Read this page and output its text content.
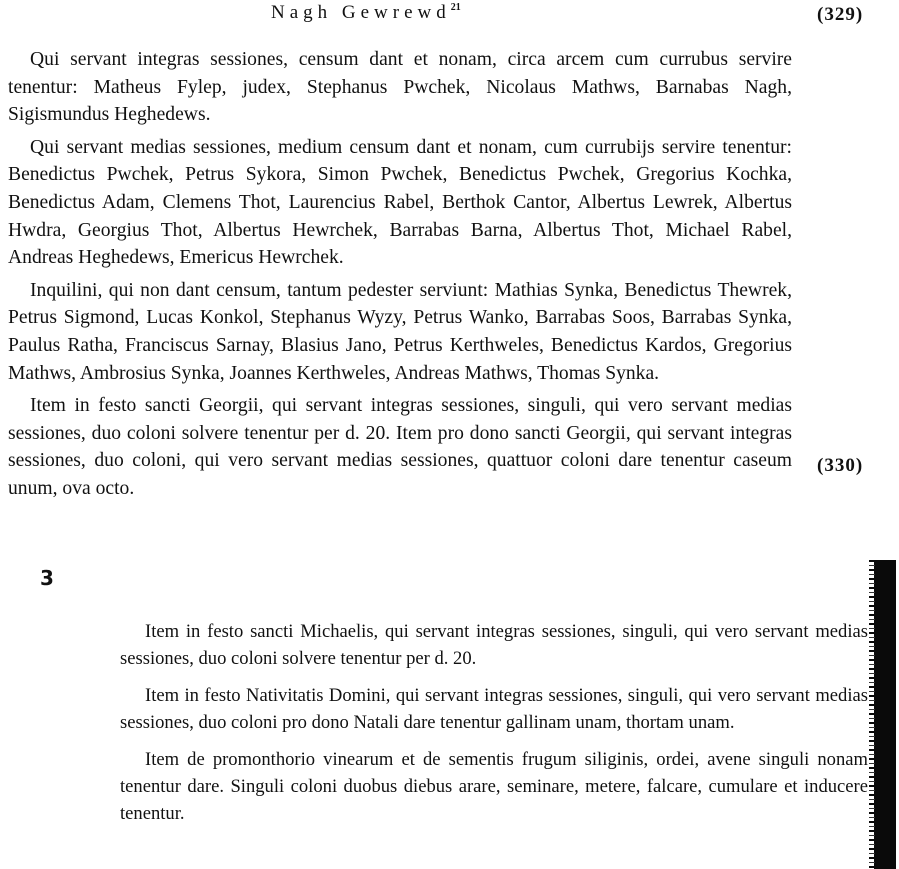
Nagh Gewrewd$^{21}$	(329)

Qui servant integras sessiones, censum dant et nonam, circa arcem cum currubus servire tenentur: Matheus Fylep, judex, Stephanus Pwchek, Nicolaus Mathws, Barnabas Nagh, Sigismundus Heghedews.

Qui servant medias sessiones, medium censum dant et nonam, cum currubijs servire tenentur: Benedictus Pwchek, Petrus Sykora, Simon Pwchek, Benedictus Pwchek, Gregorius Kochka, Benedictus Adam, Clemens Thot, Laurencius Rabel, Berthok Cantor, Albertus Lewrek, Albertus Hwdra, Georgius Thot, Albertus Hewrchek, Barrabas Barna, Albertus Thot, Michael Rabel, Andreas Heghedews, Emericus Hewrchek.

Inquilini, qui non dant censum, tantum pedester serviunt: Mathias Synka, Benedictus Thewrek, Petrus Sigmond, Lucas Konkol, Stephanus Wyzy, Petrus Wanko, Barrabas Soos, Barrabas Synka, Paulus Ratha, Franciscus Sarnay, Blasius Jano, Petrus Kerthweles, Benedictus Kardos, Gregorius Mathws, Ambrosius Synka, Joannes Kerthweles, Andreas Mathws, Thomas Synka.

Item in festo sancti Georgii, qui servant integras sessiones, singuli, qui vero servant medias sessiones, duo coloni solvere tenentur per d. 20. Item pro dono sancti Georgii, qui servant integras sessiones, duo coloni, qui vero servant medias sessiones, quattuor coloni dare tenentur caseum unum, ova octo.

(330)
3

Item in festo sancti Michaelis, qui servant integras sessiones, singuli, qui vero servant medias sessiones, duo coloni solvere tenentur per d. 20.

Item in festo Nativitatis Domini, qui servant integras sessiones, singuli, qui vero servant medias sessiones, duo coloni pro dono Natali dare tenentur gallinam unam, thortam unam.

Item de promonthorio vinearum et de sementis frugum siliginis, ordei, avene singuli nonam tenentur dare. Singuli coloni duobus diebus arare, seminare, metere, falcare, cumulare et inducere tenentur.
